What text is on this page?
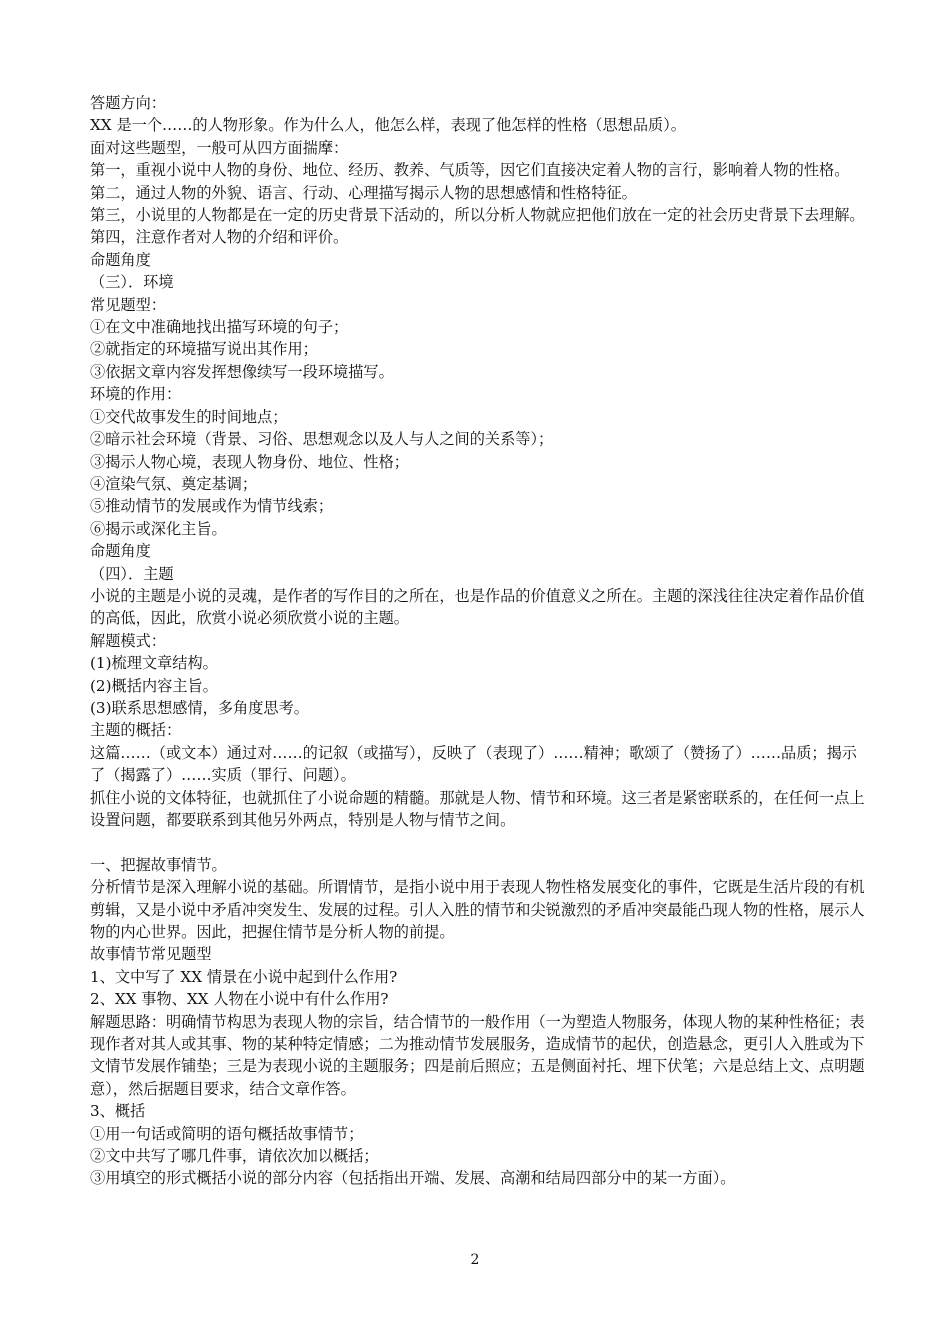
答题方向：

XX 是一个……的人物形象。作为什么人，他怎么样，表现了他怎样的性格（思想品质）。

面对这些题型，一般可从四方面揣摩：

第一，重视小说中人物的身份、地位、经历、教养、气质等，因它们直接决定着人物的言行，影响着人物的性格。

第二，通过人物的外貌、语言、行动、心理描写揭示人物的思想感情和性格特征。

第三，小说里的人物都是在一定的历史背景下活动的，所以分析人物就应把他们放在一定的社会历史背景下去理解。

第四，注意作者对人物的介绍和评价。

命题角度

（三）．环境

常见题型：

①在文中准确地找出描写环境的句子；

②就指定的环境描写说出其作用；

③依据文章内容发挥想像续写一段环境描写。

环境的作用：

①交代故事发生的时间地点；

②暗示社会环境（背景、习俗、思想观念以及人与人之间的关系等）；

③揭示人物心境，表现人物身份、地位、性格；

④渲染气氛、奠定基调；

⑤推动情节的发展或作为情节线索；

⑥揭示或深化主旨。

命题角度

（四）．主题

小说的主题是小说的灵魂，是作者的写作目的之所在，也是作品的价值意义之所在。主题的深浅往往决定着作品价值的高低，因此，欣赏小说必须欣赏小说的主题。

解题模式：

(1)梳理文章结构。

(2)概括内容主旨。

(3)联系思想感情，多角度思考。

主题的概括：

这篇……（或文本）通过对……的记叙（或描写），反映了（表现了）……精神；歌颂了（赞扬了）……品质；揭示了（揭露了）……实质（罪行、问题）。

抓住小说的文体特征，也就抓住了小说命题的精髓。那就是人物、情节和环境。这三者是紧密联系的，在任何一点上设置问题，都要联系到其他另外两点，特别是人物与情节之间。

一、把握故事情节。

分析情节是深入理解小说的基础。所谓情节，是指小说中用于表现人物性格发展变化的事件，它既是生活片段的有机剪辑，又是小说中矛盾冲突发生、发展的过程。引人入胜的情节和尖锐激烈的矛盾冲突最能凸现人物的性格，展示人物的内心世界。因此，把握住情节是分析人物的前提。

故事情节常见题型

1、文中写了 XX 情景在小说中起到什么作用?

2、XX 事物、XX 人物在小说中有什么作用?

解题思路：明确情节构思为表现人物的宗旨，结合情节的一般作用（一为塑造人物服务，体现人物的某种性格征；表现作者对其人或其事、物的某种特定情感；二为推动情节发展服务，造成情节的起伏，创造悬念，更引人入胜或为下文情节发展作铺垫；三是为表现小说的主题服务；四是前后照应；五是侧面衬托、埋下伏笔；六是总结上文、点明题意），然后据题目要求，结合文章作答。

3、概括

①用一句话或简明的语句概括故事情节；

②文中共写了哪几件事，请依次加以概括；

③用填空的形式概括小说的部分内容（包括指出开端、发展、高潮和结局四部分中的某一方面）。

2
